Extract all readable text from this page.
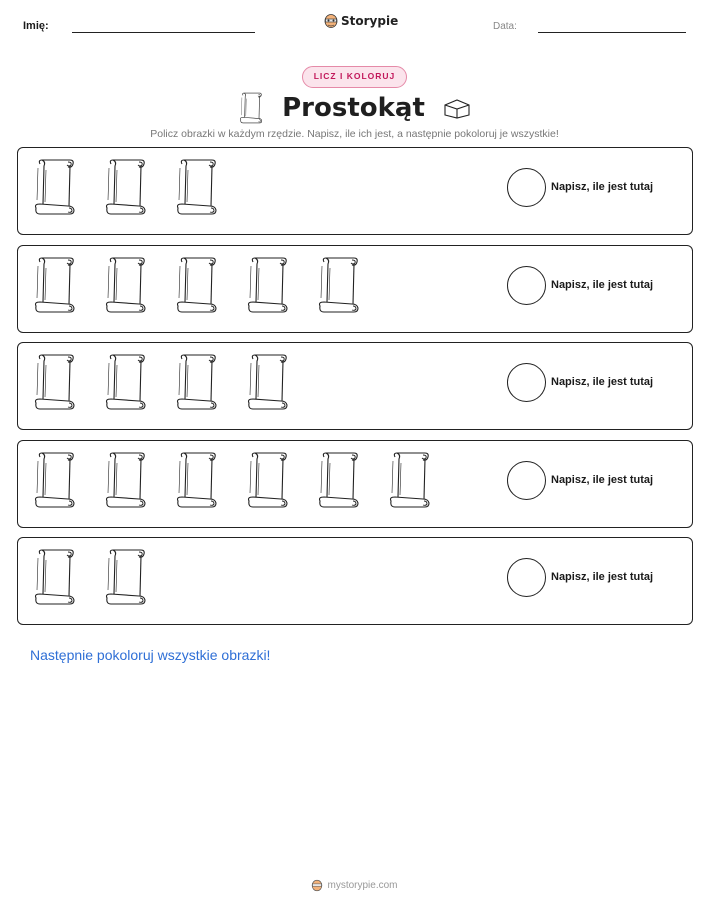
Imię:	Storypie	Data:
LICZ I KOLORUJ
Prostokąt
Policz obrazki w każdym rzędzie. Napisz, ile ich jest, a następnie pokoloruj je wszystkie!
Napisz, ile jest tutaj
Napisz, ile jest tutaj
Napisz, ile jest tutaj
Napisz, ile jest tutaj
Napisz, ile jest tutaj
Następnie pokoloruj wszystkie obrazki!
mystorypie.com
